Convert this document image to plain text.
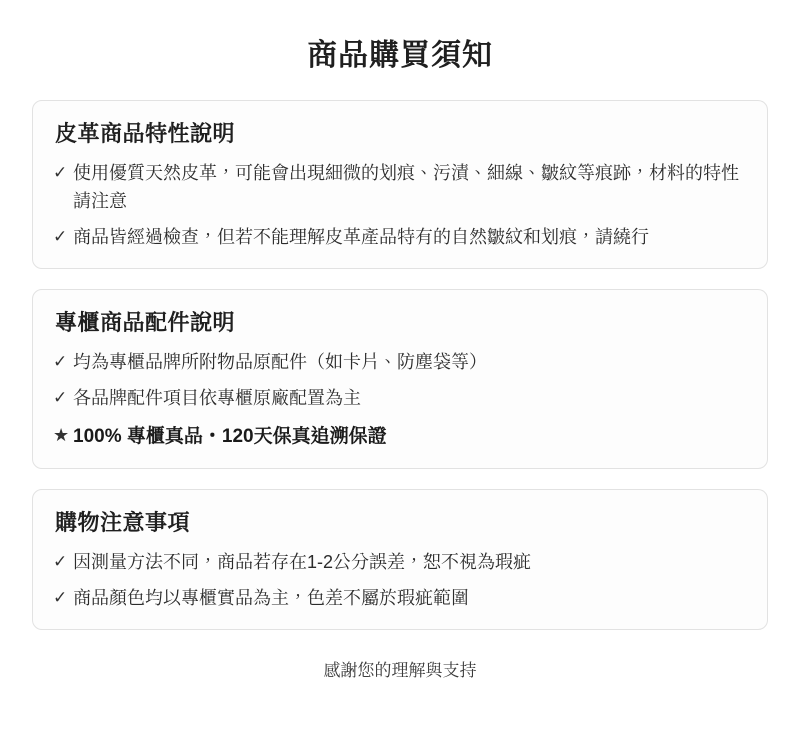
商品購買須知
皮革商品特性說明
✓ 使用優質天然皮革，可能會出現細微的划痕、污漬、細線、皺紋等痕跡，材料的特性請注意
✓ 商品皆經過檢查，但若不能理解皮革產品特有的自然皺紋和划痕，請繞行
專櫃商品配件說明
✓ 均為專櫃品牌所附物品原配件（如卡片、防塵袋等）
✓ 各品牌配件項目依專櫃原廠配置為主
★ 100% 專櫃真品・120天保真追溯保證
購物注意事項
✓ 因測量方法不同，商品若存在1-2公分誤差，恕不視為瑕疵
✓ 商品顏色均以專櫃實品為主，色差不屬於瑕疵範圍
感謝您的理解與支持
